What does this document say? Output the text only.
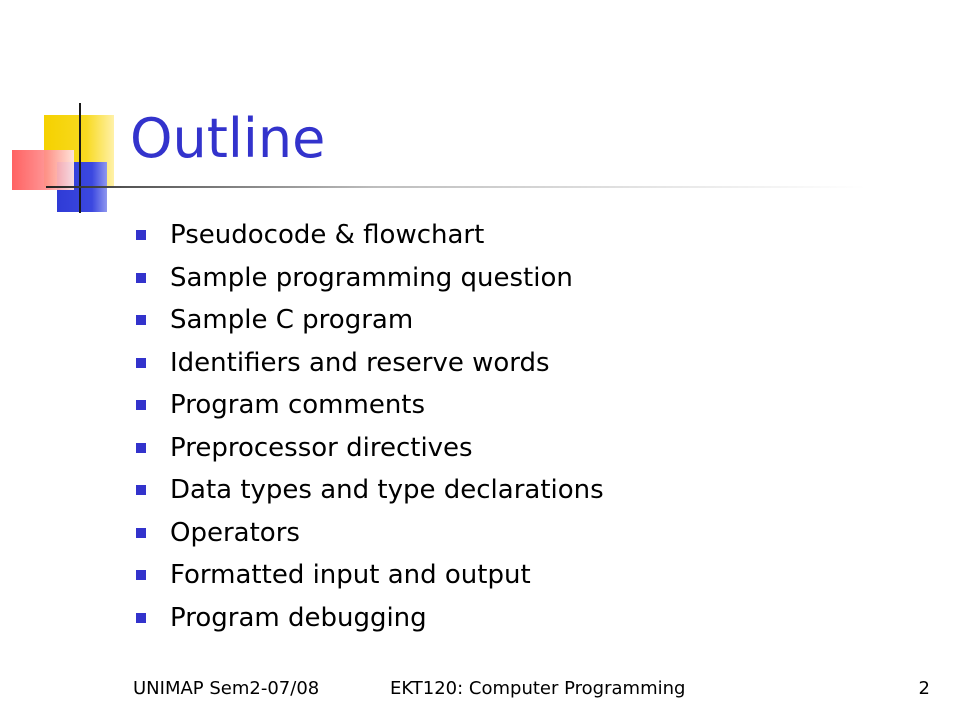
Outline
Pseudocode & flowchart
Sample programming question
Sample C program
Identifiers and reserve words
Program comments
Preprocessor directives
Data types and type declarations
Operators
Formatted input and output
Program debugging
UNIMAP Sem2-07/08	EKT120: Computer Programming	2
